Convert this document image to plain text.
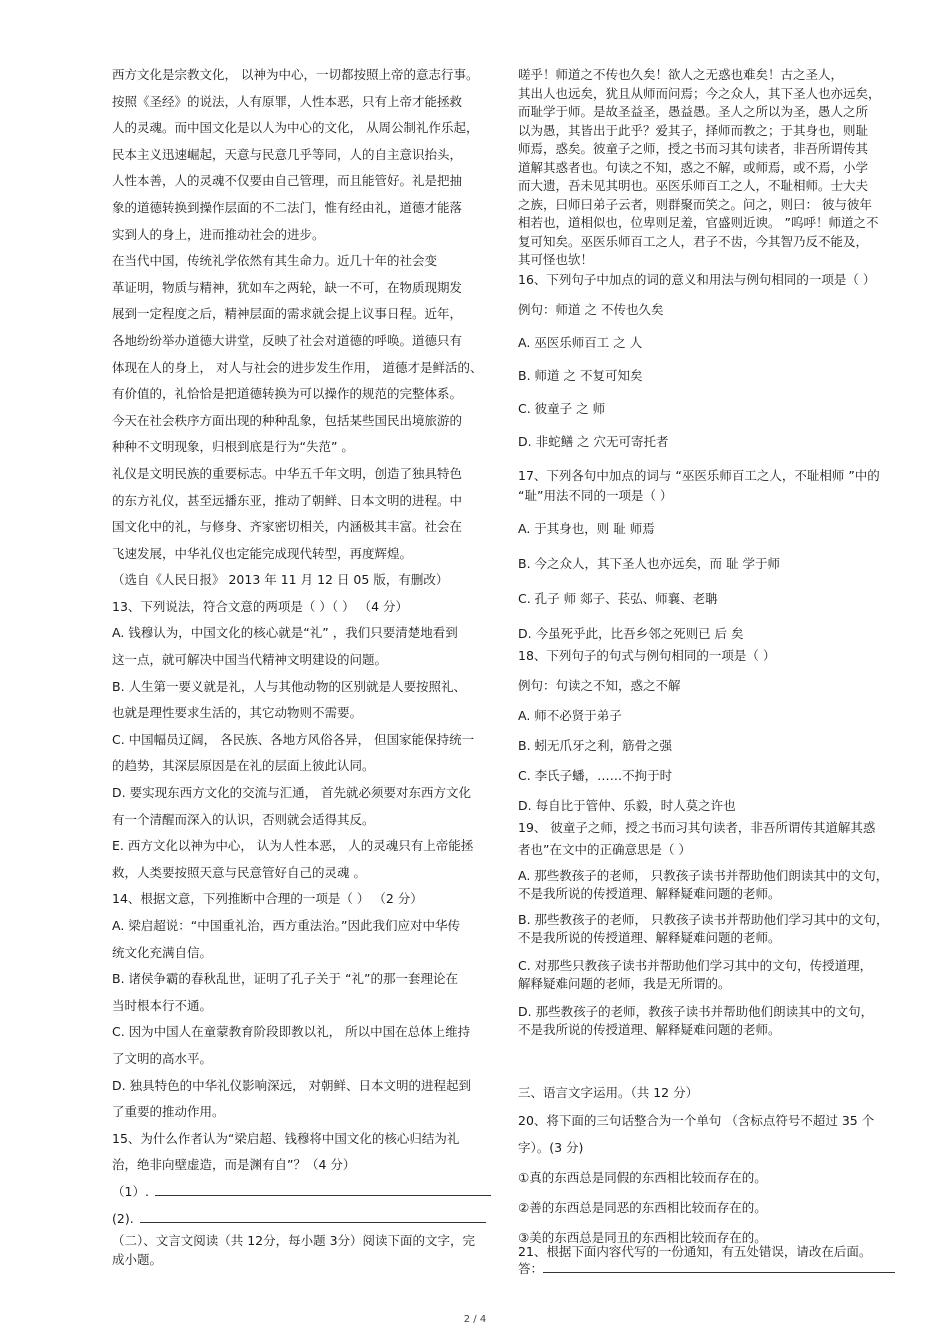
西方文化是宗教文化， 以神为中心，一切都按照上帝的意志行事。
按照《圣经》的说法，人有原罪，人性本恶，只有上帝才能拯救
人的灵魂。而中国文化是以人为中心的文化， 从周公制礼作乐起，
民本主义迅速崛起，天意与民意几乎等同，人的自主意识抬头，
人性本善，人的灵魂不仅要由自己管理，而且能管好。礼是把抽
象的道德转换到操作层面的不二法门，惟有经由礼，道德才能落
实到人的身上，进而推动社会的进步。
在当代中国，传统礼学依然有其生命力。近几十年的社会变
革证明，物质与精神，犹如车之两轮，缺一不可，在物质现期发
展到一定程度之后，精神层面的需求就会提上议事日程。近年，
各地纷纷举办道德大讲堂，反映了社会对道德的呼唤。道德只有
体现在人的身上， 对人与社会的进步发生作用， 道德才是鲜活的、
有价值的，礼恰恰是把道德转换为可以操作的规范的完整体系。
今天在社会秩序方面出现的种种乱象，包括某些国民出境旅游的
种种不文明现象，归根到底是行为“失范” 。
礼仪是文明民族的重要标志。中华五千年文明，创造了独具特色
的东方礼仪，甚至远播东亚，推动了朝鲜、日本文明的进程。中
国文化中的礼，与修身、齐家密切相关，内涵极其丰富。社会在
飞速发展，中华礼仪也定能完成现代转型，再度辉煌。
（选自《人民日报》 2013 年 11 月 12 日 05 版，有删改）
13、下列说法，符合文意的两项是（ ）（ ） （4 分）
A. 钱穆认为，中国文化的核心就是“礼” ，我们只要清楚地看到
这一点，就可解决中国当代精神文明建设的问题。
B. 人生第一要义就是礼，人与其他动物的区别就是人要按照礼、
也就是理性要求生活的，其它动物则不需要。
C. 中国幅员辽阔， 各民族、各地方风俗各异， 但国家能保持统一
的趋势，其深层原因是在礼的层面上彼此认同。
D. 要实现东西方文化的交流与汇通， 首先就必须要对东西方文化
有一个清醒而深入的认识，否则就会适得其反。
E. 西方文化以神为中心， 认为人性本恶， 人的灵魂只有上帝能拯
救，人类要按照天意与民意管好自己的灵魂 。
14、根据文意，下列推断中合理的一项是（ ） （2 分）
A. 梁启超说：“中国重礼治，西方重法治。”因此我们应对中华传
统文化充满自信。
B. 诸侯争霸的春秋乱世，证明了孔子关于 “礼”的那一套理论在
当时根本行不通。
C. 因为中国人在童蒙教育阶段即教以礼， 所以中国在总体上维持
了文明的高水平。
D. 独具特色的中华礼仪影响深远， 对朝鲜、日本文明的进程起到
了重要的推动作用。
15、为什么作者认为“梁启超、钱穆将中国文化的核心归结为礼
治，绝非向壁虚造，而是渊有自”？（4 分）
（1）.
(2).
（二）、文言文阅读（共 12分，每小题 3分）阅读下面的文字，完
成小题。
嗟乎！师道之不传也久矣！欲人之无惑也难矣！古之圣人，
其出人也远矣，犹且从师而问焉；今之众人，其下圣人也亦远矣，
而耻学于师。是故圣益圣，愚益愚。圣人之所以为圣，愚人之所
以为愚，其皆出于此乎？爱其子，择师而教之；于其身也，则耻
师焉，惑矣。彼童子之师，授之书而习其句读者，非吾所谓传其
道解其惑者也。句读之不知，惑之不解，或师焉，或不焉，小学
而大遗，吾未见其明也。巫医乐师百工之人，不耻相师。士大夫
之族，曰师曰弟子云者，则群聚而笑之。问之，则曰： 彼与彼年
相若也，道相似也，位卑则足羞，官盛则近谀。 ”呜呼！师道之不
复可知矣。巫医乐师百工之人，君子不齿，今其智乃反不能及，
其可怪也欤！
16、下列句子中加点的词的意义和用法与例句相同的一项是（ ）
例句：师道 之 不传也久矣
A. 巫医乐师百工 之 人
B. 师道 之 不复可知矣
C. 彼童子 之 师
D. 非蛇鳝 之 穴无可寄托者
17、下列各句中加点的词与 “巫医乐师百工之人，不耻相师 ”中的
“耻”用法不同的一项是（ ）
A. 于其身也，则 耻 师焉
B. 今之众人，其下圣人也亦远矣，而 耻 学于师
C. 孔子 师 郯子、苌弘、师襄、老聃
D. 今虽死乎此，比吾乡邻之死则已 后 矣
18、下列句子的句式与例句相同的一项是（ ）
例句：句读之不知，惑之不解
A. 师不必贤于弟子
B. 蚓无爪牙之利，筋骨之强
C. 李氏子蟠，……不拘于时
D. 每自比于管仲、乐毅，时人莫之许也
19、 彼童子之师，授之书而习其句读者，非吾所谓传其道解其惑
者也”在文中的正确意思是（ ）
A. 那些教孩子的老师， 只教孩子读书并帮助他们朗读其中的文句，
不是我所说的传授道理、解释疑难问题的老师。
B. 那些教孩子的老师， 只教孩子读书并帮助他们学习其中的文句，
不是我所说的传授道理、解释疑难问题的老师。
C. 对那些只教孩子读书并帮助他们学习其中的文句，传授道理，
解释疑难问题的老师，我是无所谓的。
D. 那些教孩子的老师，教孩子读书并帮助他们朗读其中的文句，
不是我所说的传授道理、解释疑难问题的老师。
三、语言文字运用。（共 12 分）
20、将下面的三句话整合为一个单句 （含标点符号不超过 35 个
字）。(3 分)
①真的东西总是同假的东西相比较而存在的。
②善的东西总是同恶的东西相比较而存在的。
③美的东西总是同丑的东西相比较而存在的。
答：
21、根据下面内容代写的一份通知，有五处错误，请改在后面。
2 / 4
